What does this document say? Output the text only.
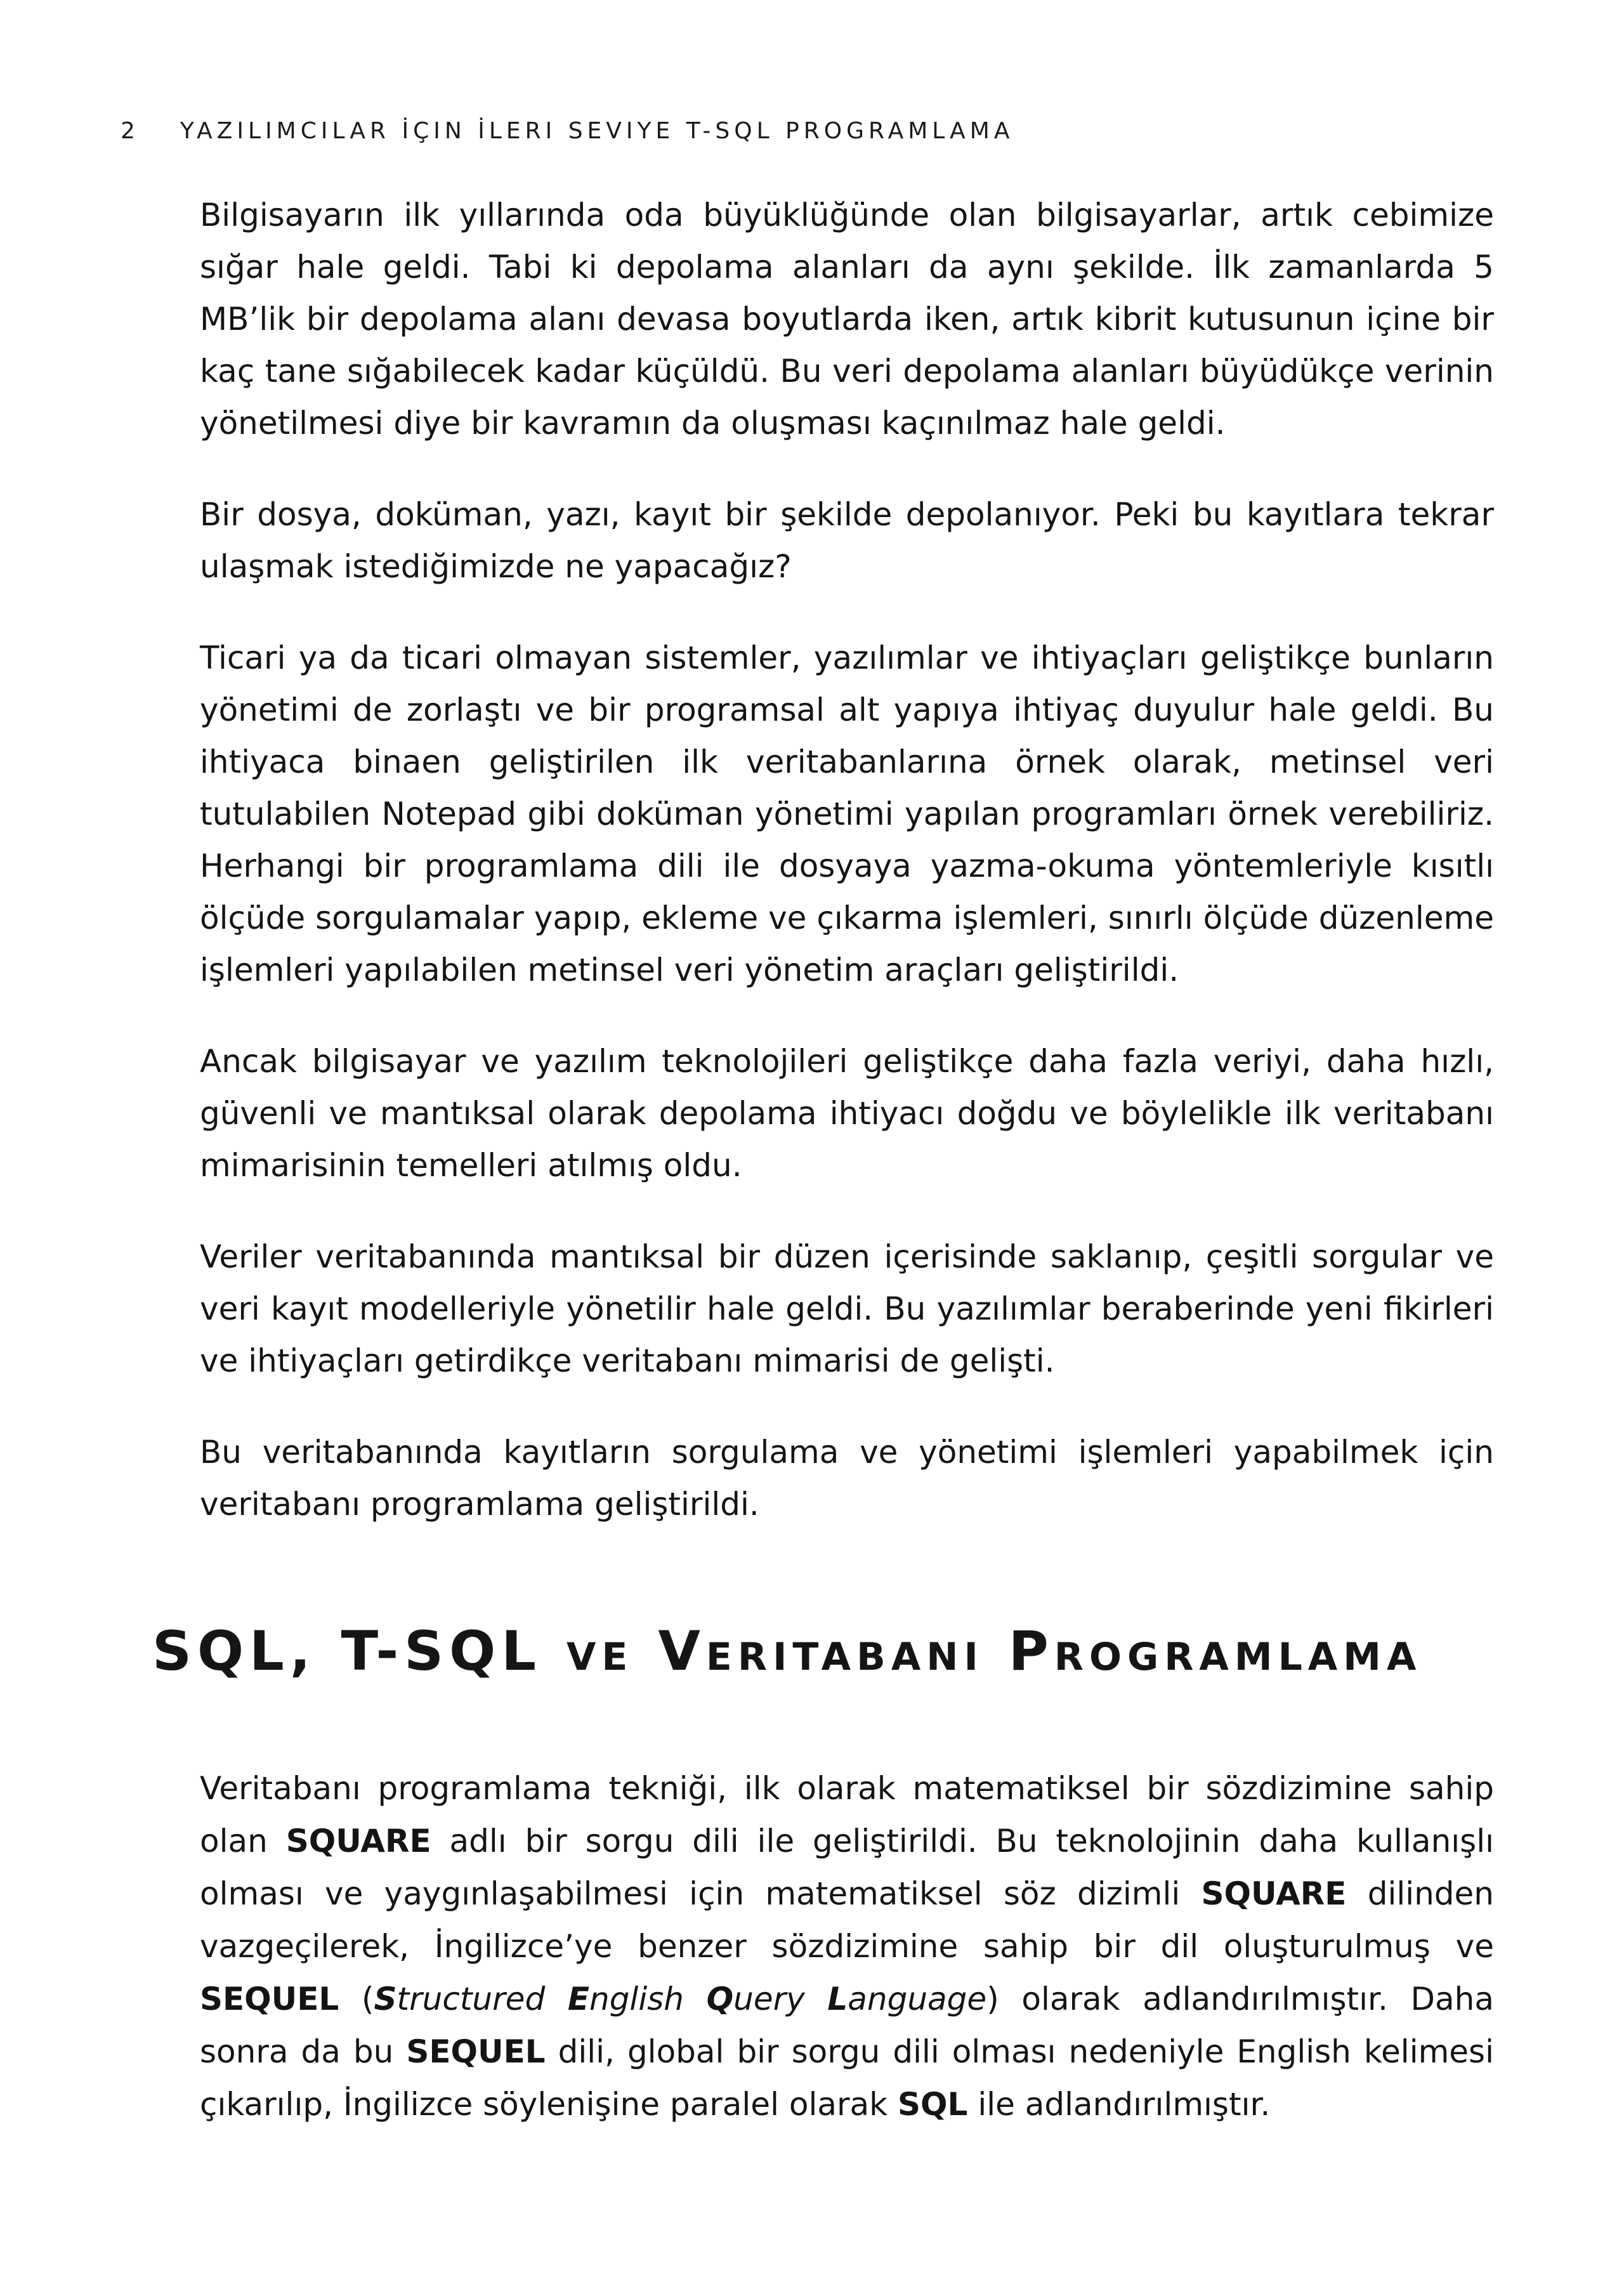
2 YAZILIMCILAR İÇIN İLERI SEVIYE T-SQL PROGRAMLAMA

Bilgisayarın ilk yıllarında oda büyüklüğünde olan bilgisayarlar, artık cebimize sığar hale geldi. Tabi ki depolama alanları da aynı şekilde. İlk zamanlarda 5 MB’lik bir depolama alanı devasa boyutlarda iken, artık kibrit kutusunun içine bir kaç tane sığabilecek kadar küçüldü. Bu veri depolama alanları büyüdükçe verinin yönetilmesi diye bir kavramın da oluşması kaçınılmaz hale geldi.

Bir dosya, doküman, yazı, kayıt bir şekilde depolanıyor. Peki bu kayıtlara tekrar ulaşmak istediğimizde ne yapacağız?

Ticari ya da ticari olmayan sistemler, yazılımlar ve ihtiyaçları geliştikçe bunların yönetimi de zorlaştı ve bir programsal alt yapıya ihtiyaç duyulur hale geldi. Bu ihtiyaca binaen geliştirilen ilk veritabanlarına örnek olarak, metinsel veri tutulabilen Notepad gibi doküman yönetimi yapılan programları örnek verebiliriz. Herhangi bir programlama dili ile dosyaya yazma-okuma yöntemleriyle kısıtlı ölçüde sorgulamalar yapıp, ekleme ve çıkarma işlemleri, sınırlı ölçüde düzenleme işlemleri yapılabilen metinsel veri yönetim araçları geliştirildi.

Ancak bilgisayar ve yazılım teknolojileri geliştikçe daha fazla veriyi, daha hızlı, güvenli ve mantıksal olarak depolama ihtiyacı doğdu ve böylelikle ilk veritabanı mimarisinin temelleri atılmış oldu.

Veriler veritabanında mantıksal bir düzen içerisinde saklanıp, çeşitli sorgular ve veri kayıt modelleriyle yönetilir hale geldi. Bu yazılımlar beraberinde yeni fikirleri ve ihtiyaçları getirdikçe veritabanı mimarisi de gelişti.

Bu veritabanında kayıtların sorgulama ve yönetimi işlemleri yapabilmek için veritabanı programlama geliştirildi.

SQL, T-SQL ve Veritabanı Programlama

Veritabanı programlama tekniği, ilk olarak matematiksel bir sözdizimine sahip olan SQUARE adlı bir sorgu dili ile geliştirildi. Bu teknolojinin daha kullanışlı olması ve yaygınlaşabilmesi için matematiksel söz dizimli SQUARE dilinden vazgeçilerek, İngilizce’ye benzer sözdizimine sahip bir dil oluşturulmuş ve SEQUEL (Structured English Query Language) olarak adlandırılmıştır. Daha sonra da bu SEQUEL dili, global bir sorgu dili olması nedeniyle English kelimesi çıkarılıp, İngilizce söylenişine paralel olarak SQL ile adlandırılmıştır.
